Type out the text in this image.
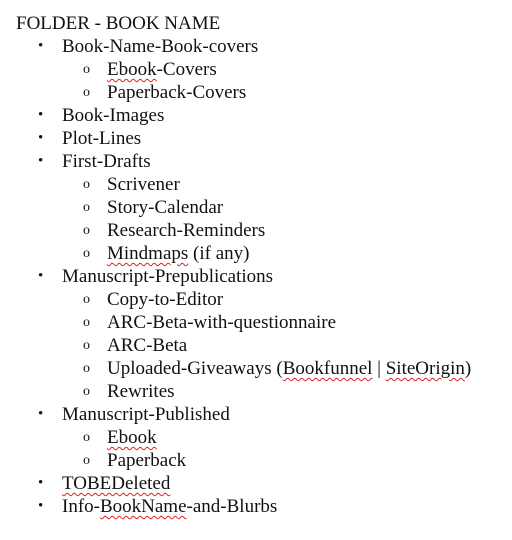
FOLDER - BOOK NAME
• Book-Name-Book-covers
o Ebook-Covers
o Paperback-Covers
• Book-Images
• Plot-Lines
• First-Drafts
o Scrivener
o Story-Calendar
o Research-Reminders
o Mindmaps (if any)
• Manuscript-Prepublications
o Copy-to-Editor
o ARC-Beta-with-questionnaire
o ARC-Beta
o Uploaded-Giveaways (Bookfunnel | SiteOrigin)
o Rewrites
• Manuscript-Published
o Ebook
o Paperback
• TOBEDeleted
• Info-BookName-and-Blurbs
